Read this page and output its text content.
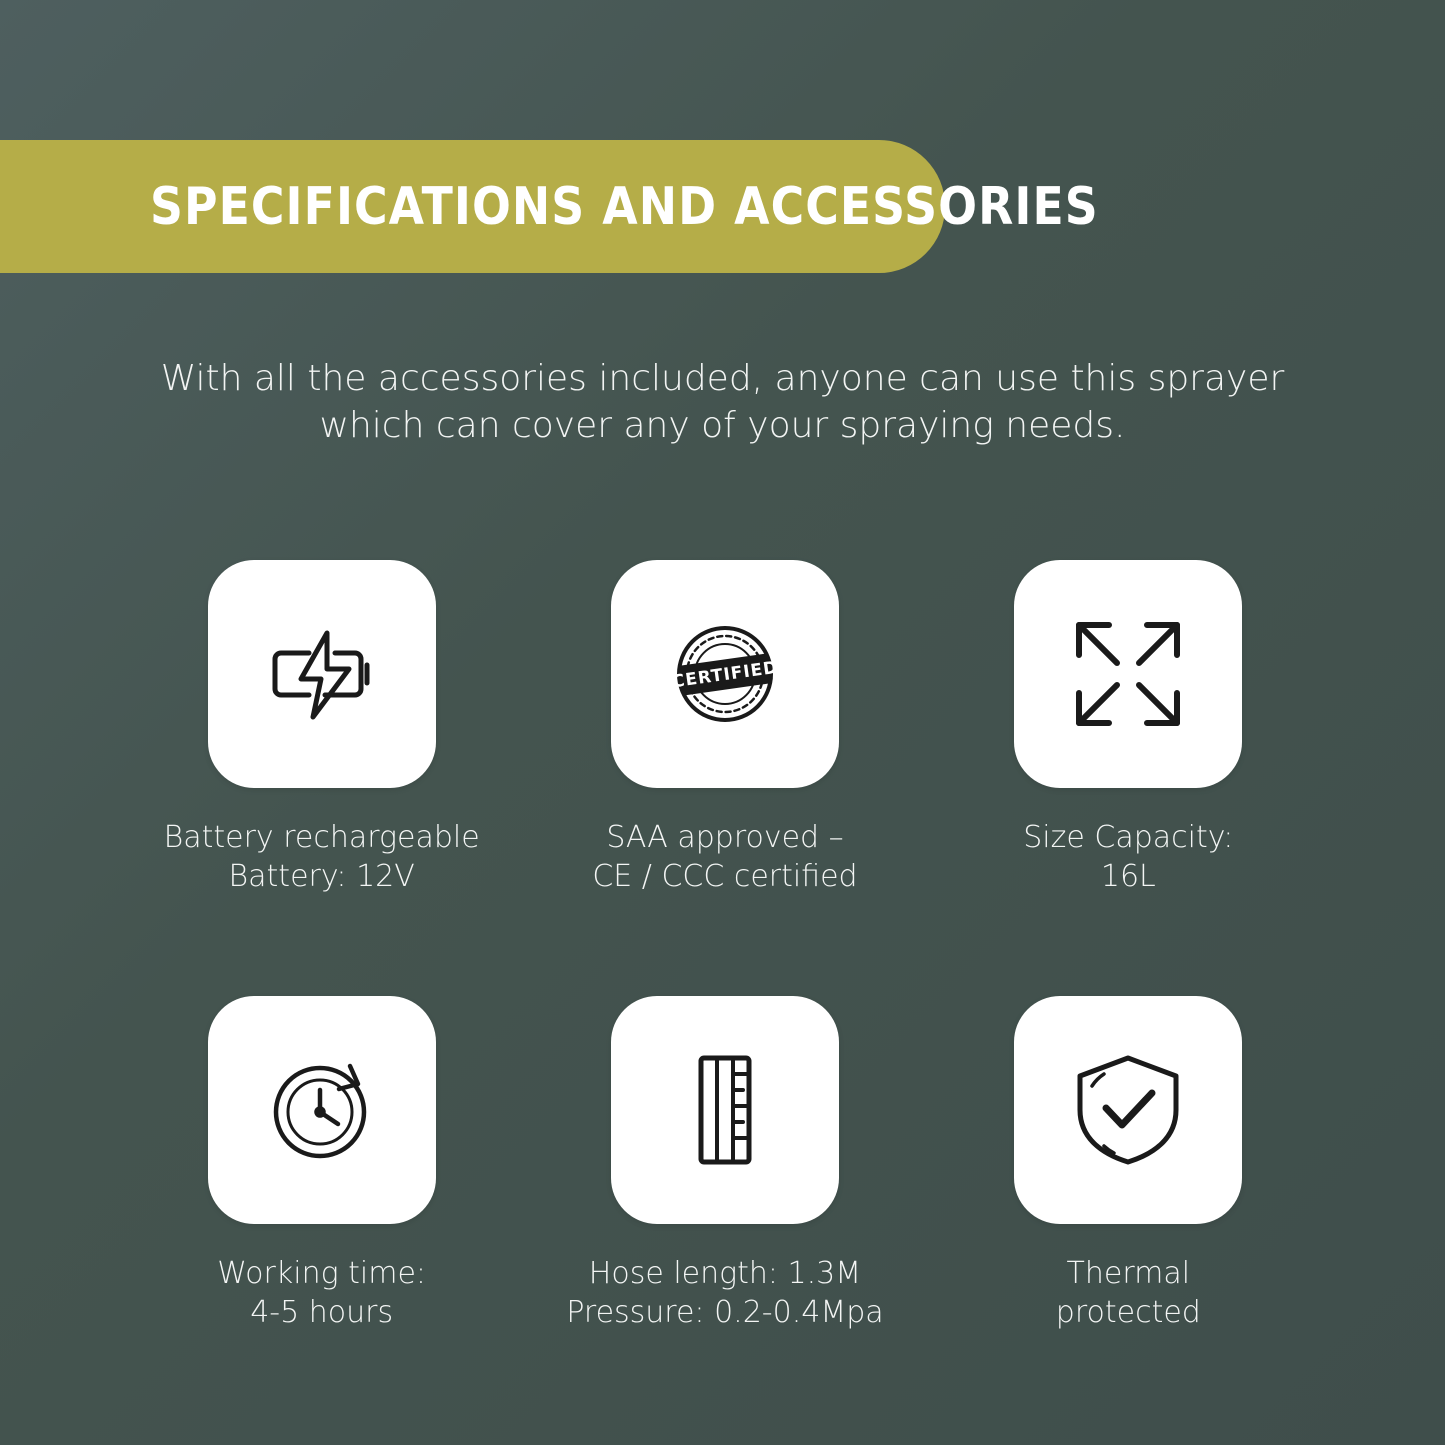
SPECIFICATIONS AND ACCESSORIES
With all the accessories included, anyone can use this sprayer
which can cover any of your spraying needs.
Battery rechargeable
Battery: 12V
CERTIFIED
SAA approved –
CE / CCC certified
Size Capacity:
16L
Working time:
4-5 hours
Hose length: 1.3M
Pressure: 0.2-0.4Mpa
Thermal
protected
